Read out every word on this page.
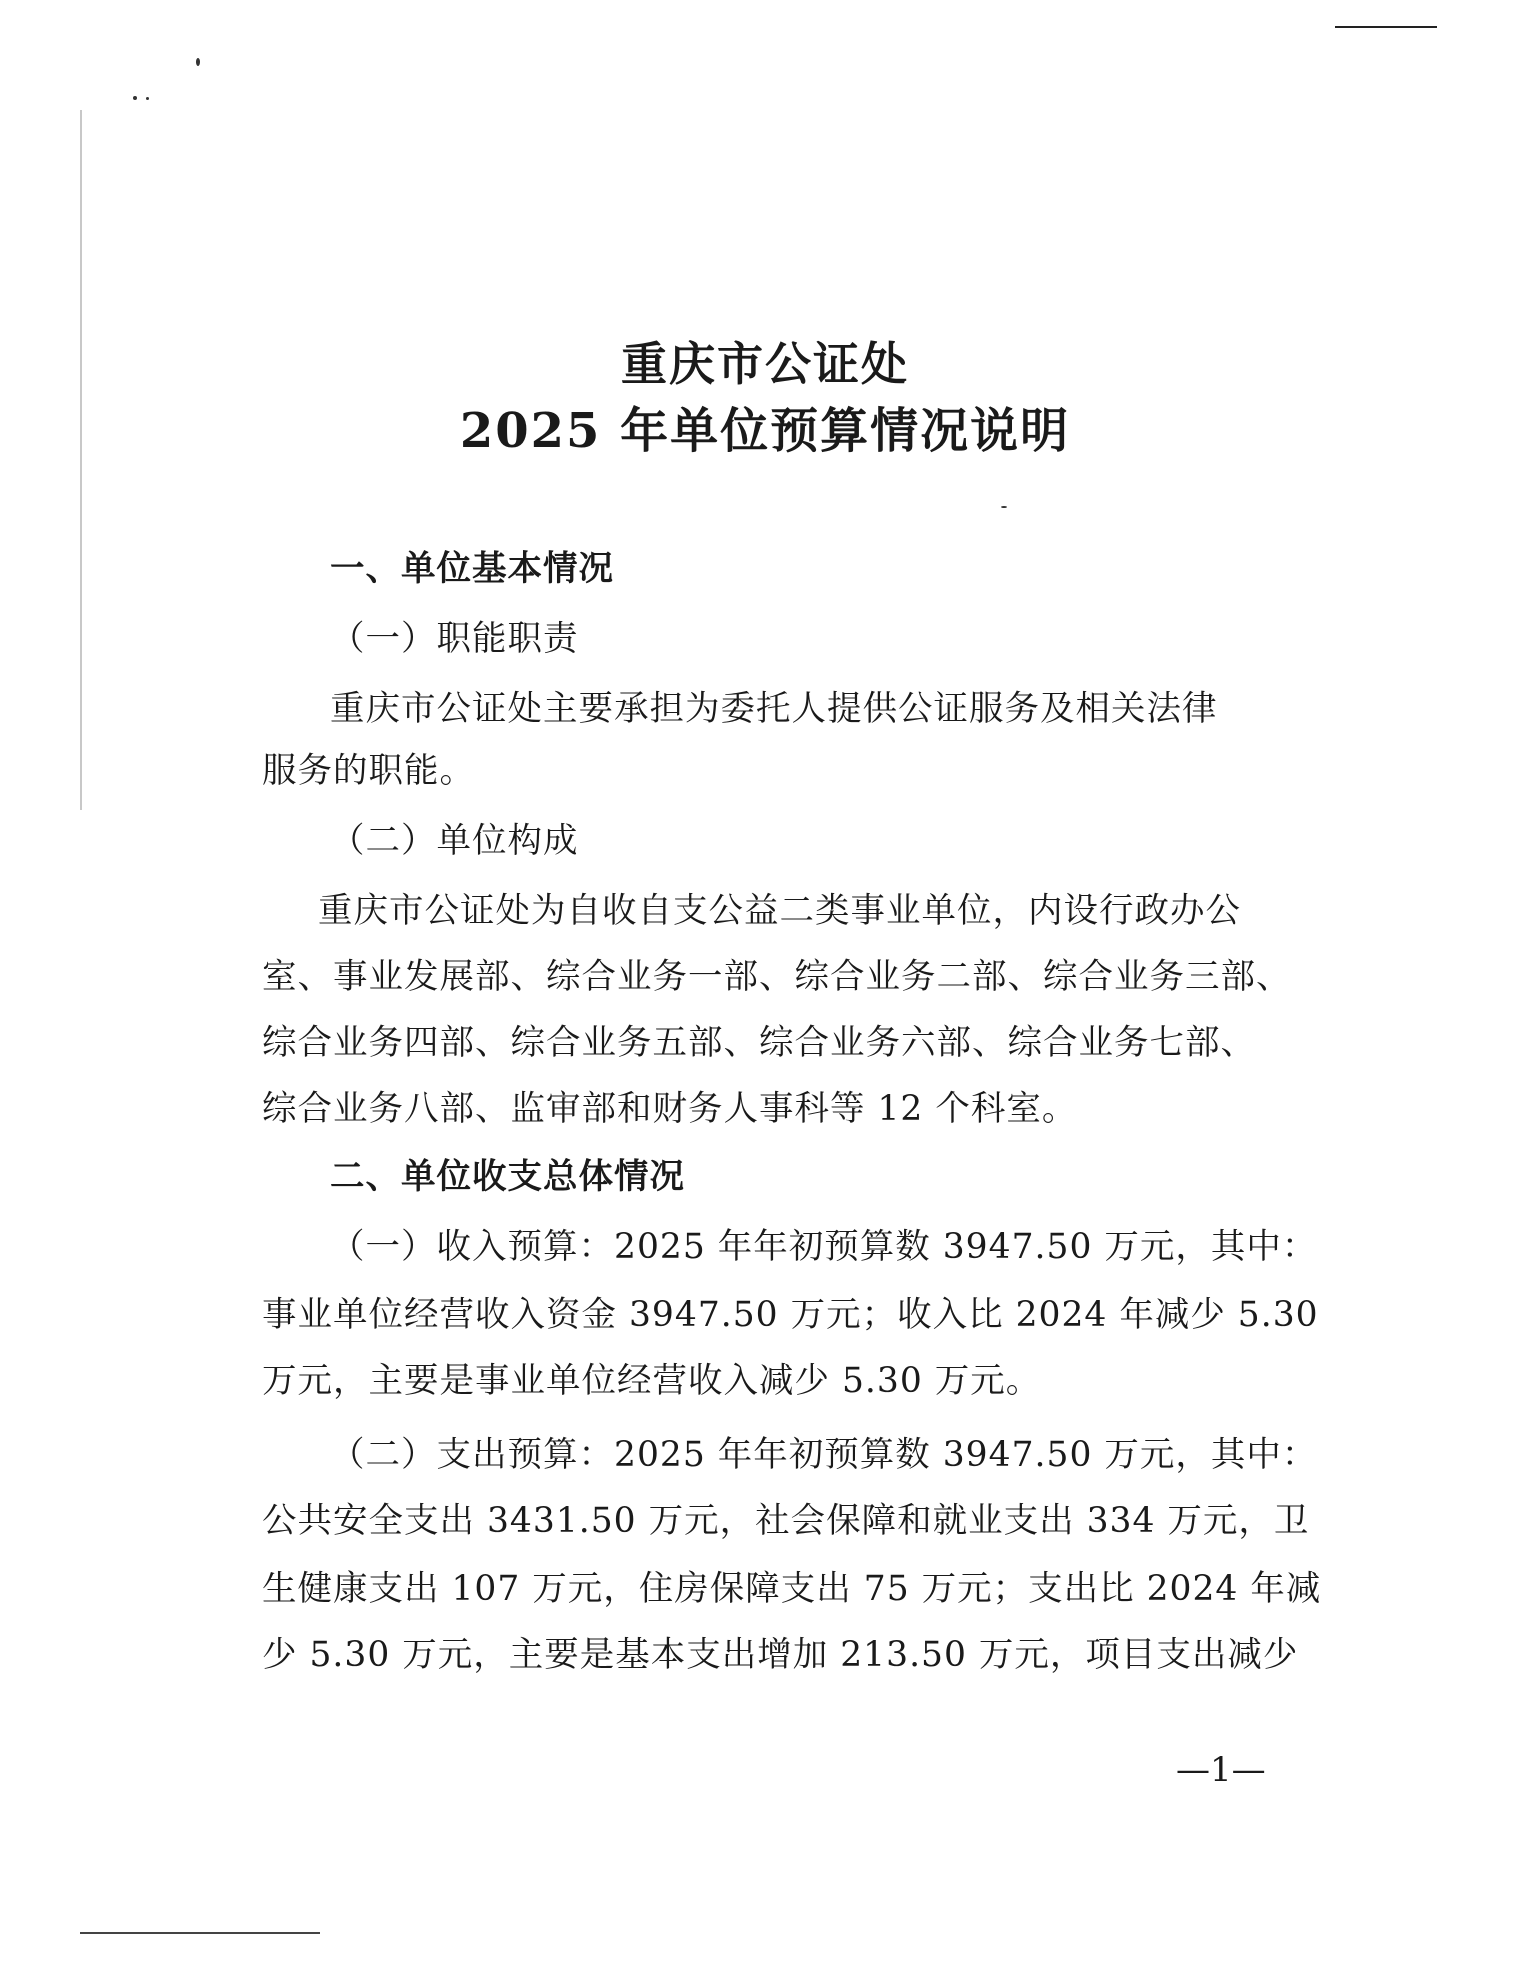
重庆市公证处
2025 年单位预算情况说明

一、单位基本情况

（一）职能职责

重庆市公证处主要承担为委托人提供公证服务及相关法律

服务的职能。

（二）单位构成

重庆市公证处为自收自支公益二类事业单位，内设行政办公

室、事业发展部、综合业务一部、综合业务二部、综合业务三部、

综合业务四部、综合业务五部、综合业务六部、综合业务七部、

综合业务八部、监审部和财务人事科等 12 个科室。

二、单位收支总体情况

（一）收入预算：2025 年年初预算数 3947.50 万元，其中：

事业单位经营收入资金 3947.50 万元；收入比 2024 年减少 5.30

万元，主要是事业单位经营收入减少 5.30 万元。

（二）支出预算：2025 年年初预算数 3947.50 万元，其中：

公共安全支出 3431.50 万元，社会保障和就业支出 334 万元，卫

生健康支出 107 万元，住房保障支出 75 万元；支出比 2024 年减

少 5.30 万元，主要是基本支出增加 213.50 万元，项目支出减少

—1—
